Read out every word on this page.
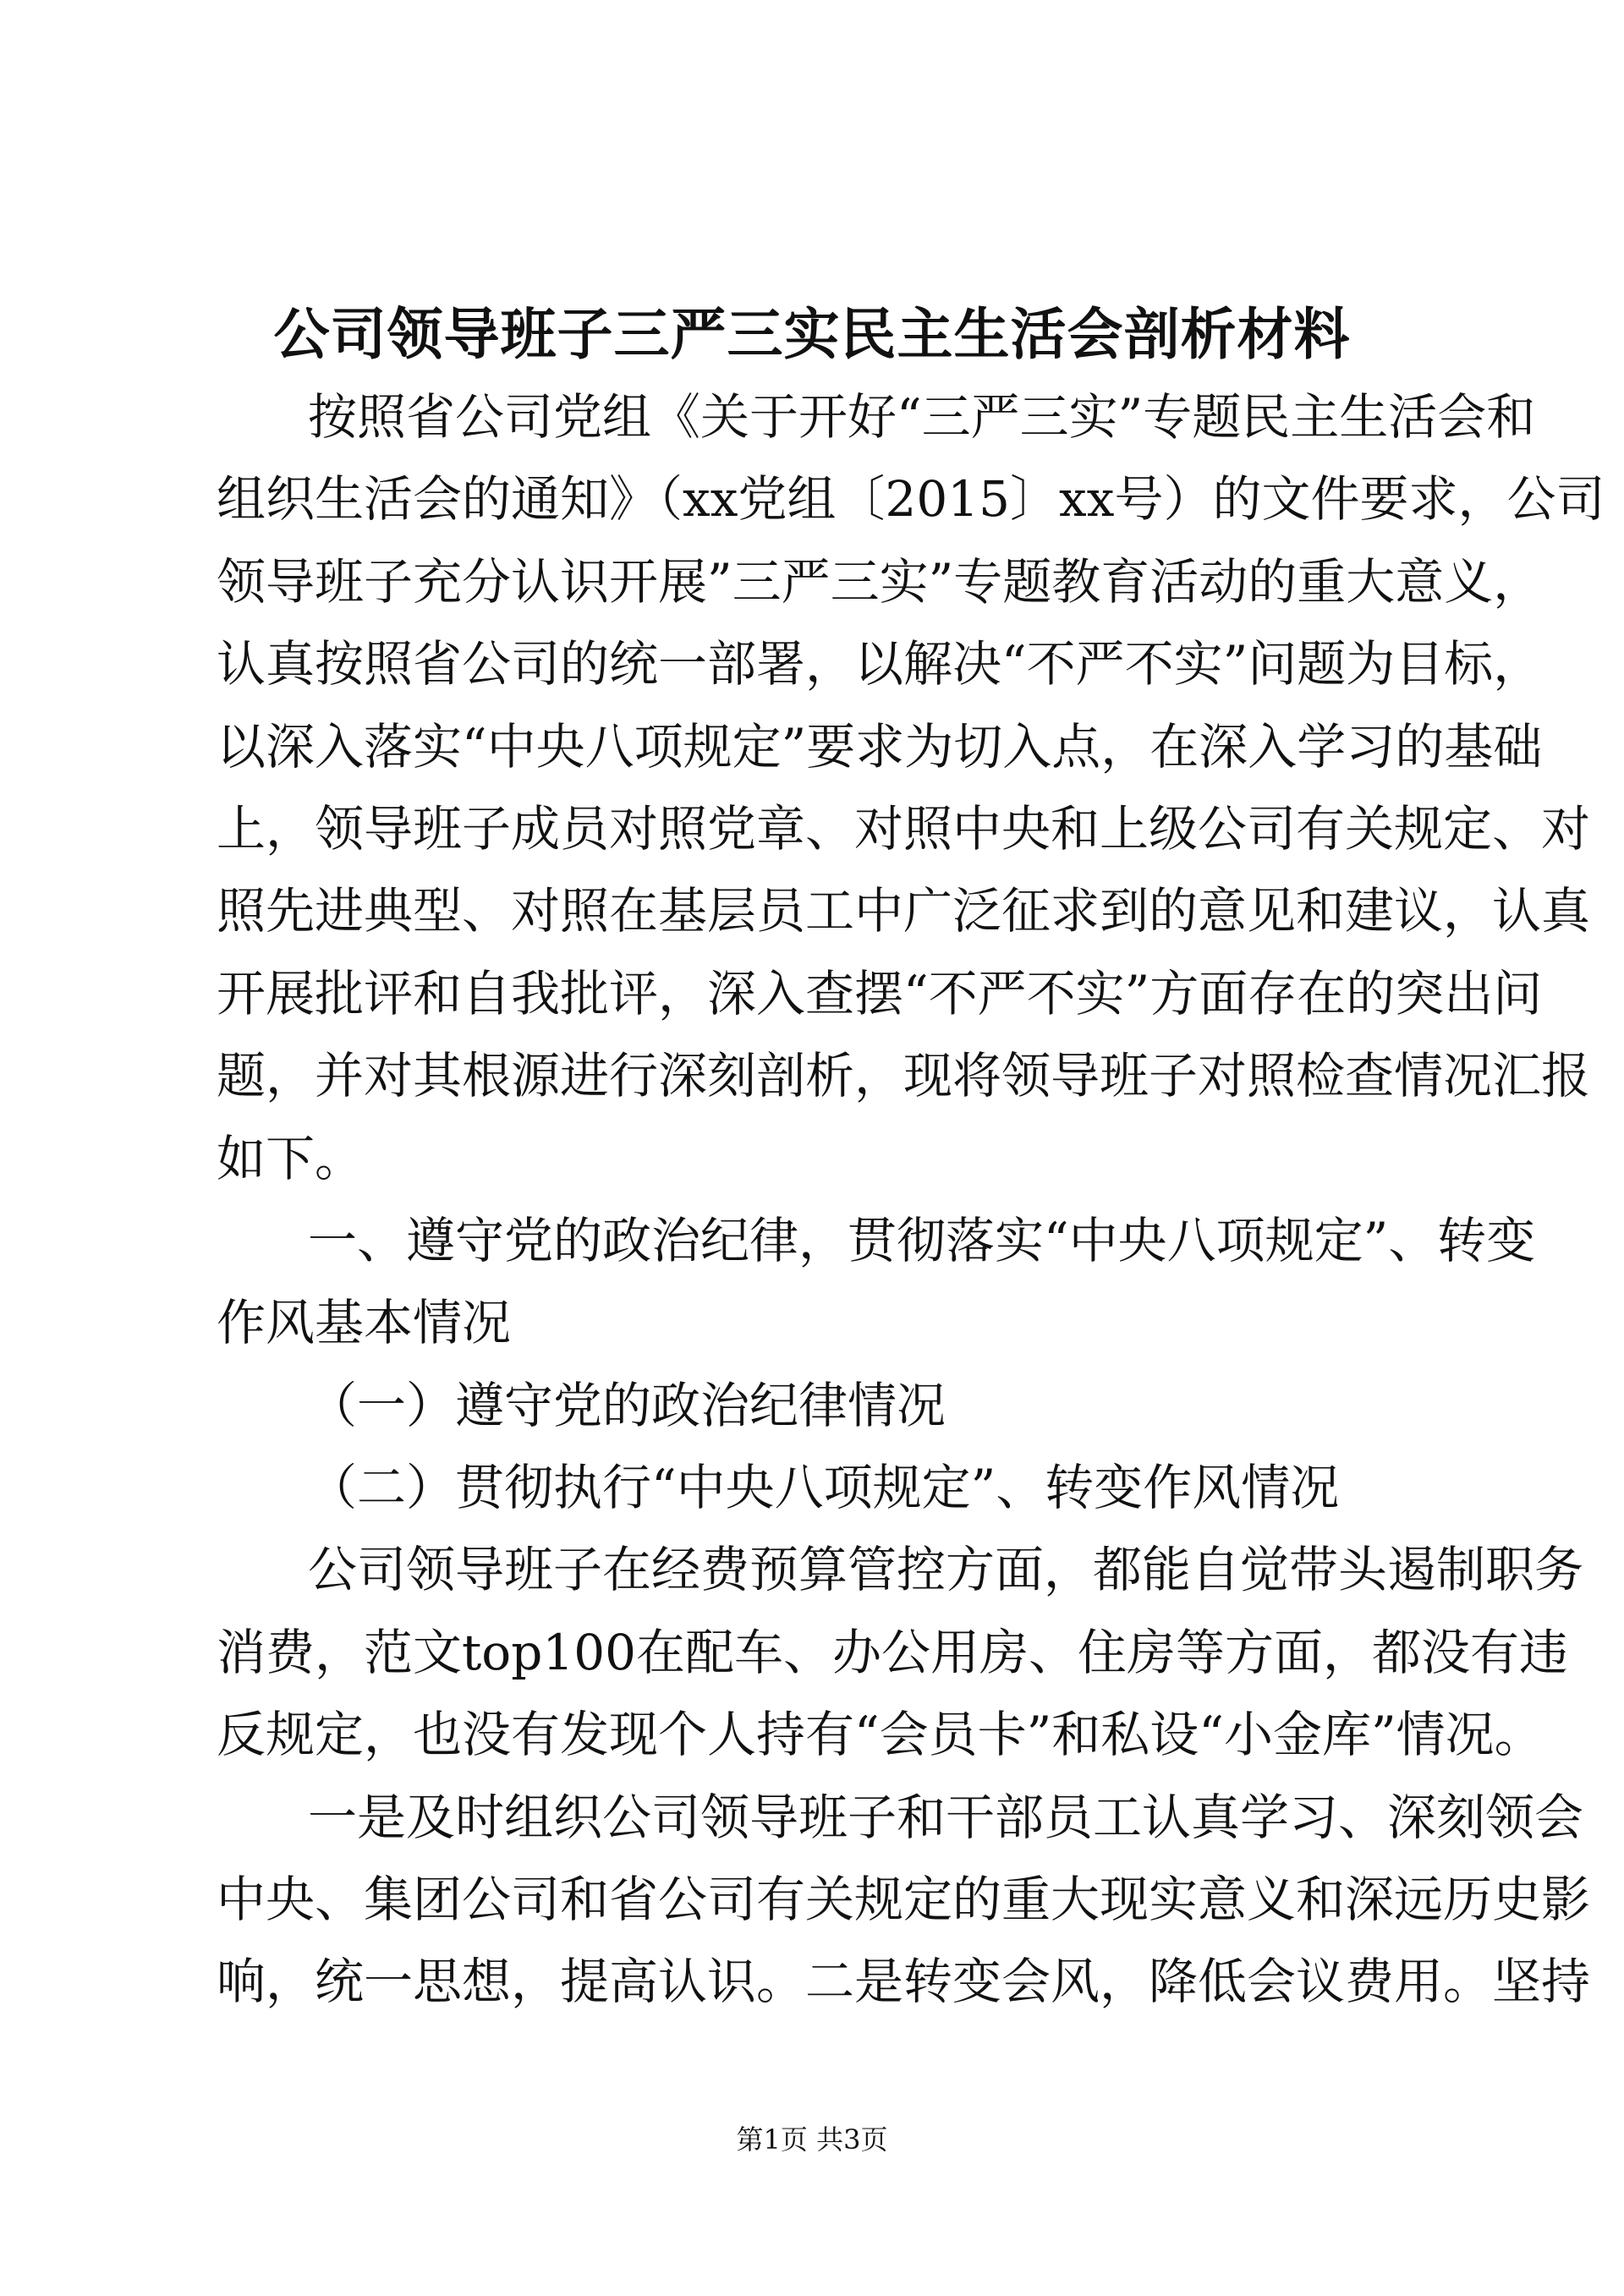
公司领导班子三严三实民主生活会剖析材料
按照省公司党组《关于开好“三严三实”专题民主生活会和
组织生活会的通知》（xx党组〔2015〕xx号）的文件要求，公司
领导班子充分认识开展”三严三实”专题教育活动的重大意义，
认真按照省公司的统一部署，以解决“不严不实”问题为目标，
以深入落实“中央八项规定”要求为切入点，在深入学习的基础
上，领导班子成员对照党章、对照中央和上级公司有关规定、对
照先进典型、对照在基层员工中广泛征求到的意见和建议，认真
开展批评和自我批评，深入查摆“不严不实”方面存在的突出问
题，并对其根源进行深刻剖析，现将领导班子对照检查情况汇报
如下。
一、遵守党的政治纪律，贯彻落实“中央八项规定”、转变
作风基本情况
（一）遵守党的政治纪律情况
（二）贯彻执行“中央八项规定”、转变作风情况
公司领导班子在经费预算管控方面，都能自觉带头遏制职务
消费，范文top100在配车、办公用房、住房等方面，都没有违
反规定，也没有发现个人持有“会员卡”和私设“小金库”情况。
一是及时组织公司领导班子和干部员工认真学习、深刻领会
中央、集团公司和省公司有关规定的重大现实意义和深远历史影
响，统一思想，提高认识。二是转变会风，降低会议费用。坚持
第1页 共3页
